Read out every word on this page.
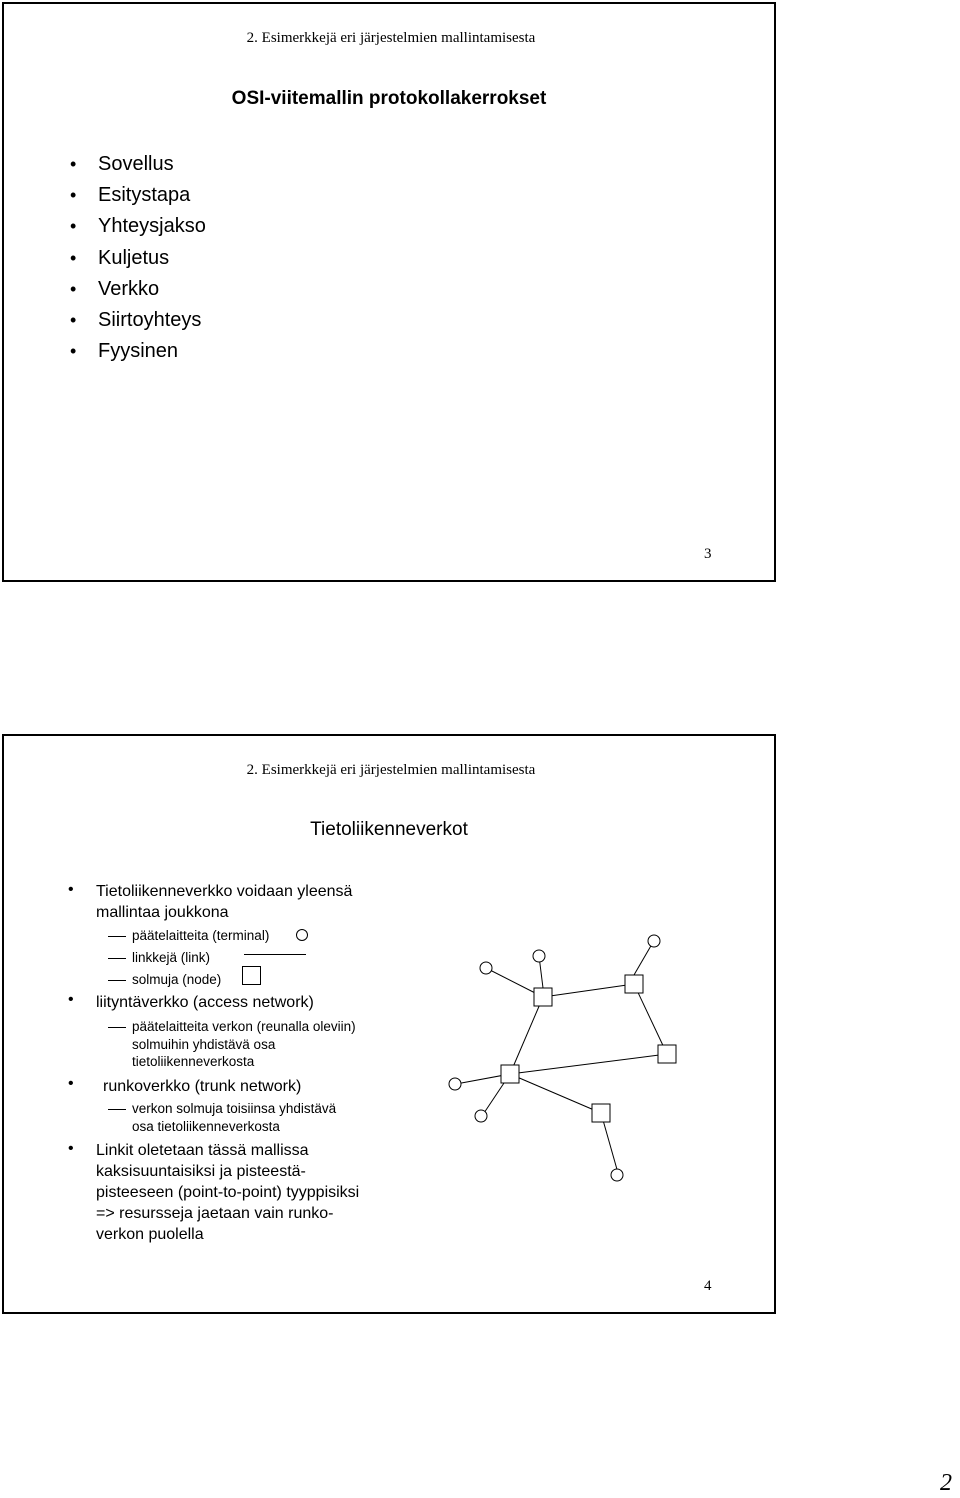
2. Esimerkkejä eri järjestelmien mallintamisesta
OSI-viitemallin protokollakerrokset
• Sovellus
• Esitystapa
• Yhteysjakso
• Kuljetus
• Verkko
• Siirtoyhteys
• Fyysinen
3
2. Esimerkkejä eri järjestelmien mallintamisesta
Tietoliikenneverkot
• Tietoliikenneverkko voidaan yleensä
mallintaa joukkona
päätelaitteita (terminal)
linkkejä (link)
solmuja (node)
• liityntäverkko (access network)
päätelaitteita verkon (reunalla oleviin)
solmuihin yhdistävä osa
tietoliikenneverkosta
• runkoverkko (trunk network)
verkon solmuja toisiinsa yhdistävä
osa tietoliikenneverkosta
• Linkit oletetaan tässä mallissa
kaksisuuntaisiksi ja pisteestä-
pisteeseen (point-to-point) tyyppisiksi
=> resursseja jaetaan vain runko-
verkon puolella
4
2
